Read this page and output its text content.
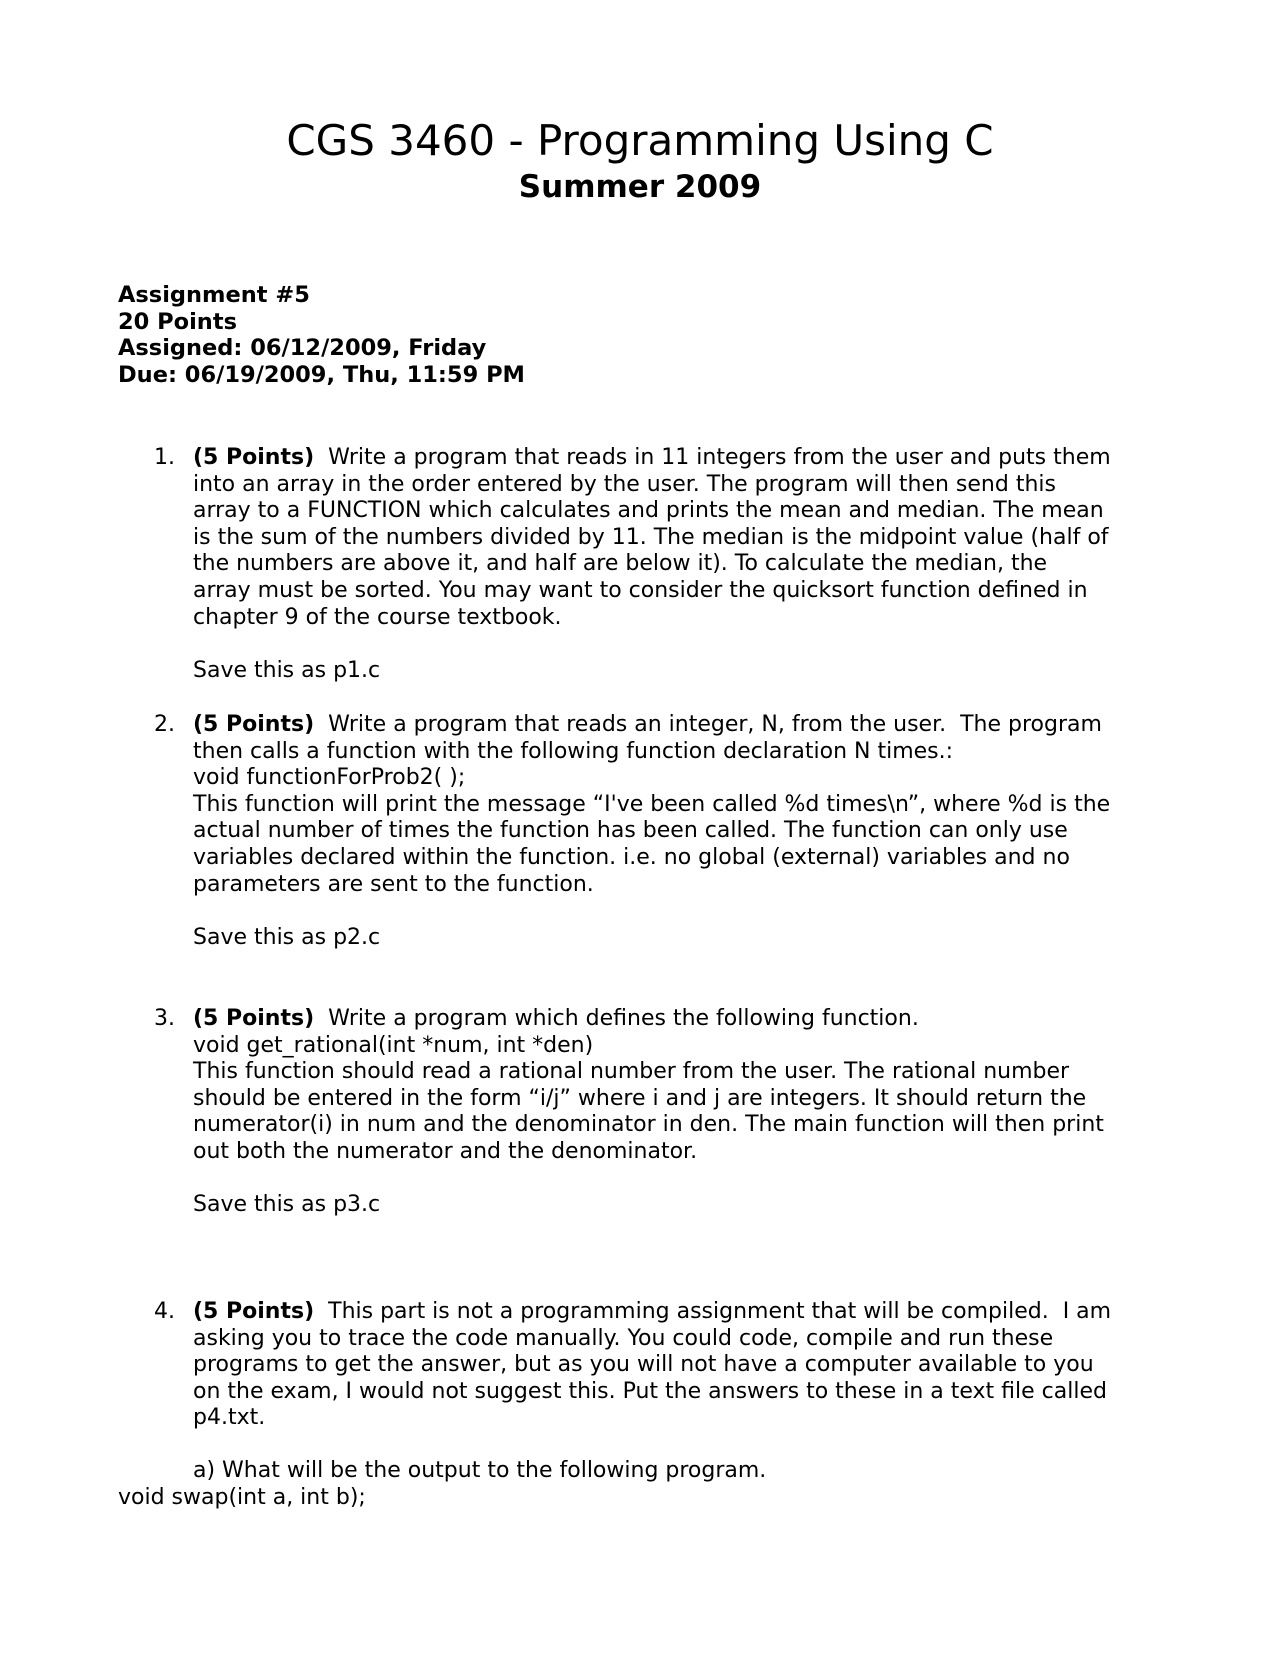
CGS 3460 - Programming Using C
Summer 2009
Assignment #5
20 Points
Assigned: 06/12/2009, Friday
Due: 06/19/2009, Thu, 11:59 PM
1. (5 Points)  Write a program that reads in 11 integers from the user and puts them
into an array in the order entered by the user. The program will then send this
array to a FUNCTION which calculates and prints the mean and median. The mean
is the sum of the numbers divided by 11. The median is the midpoint value (half of
the numbers are above it, and half are below it). To calculate the median, the
array must be sorted. You may want to consider the quicksort function defined in
chapter 9 of the course textbook.
Save this as p1.c
2. (5 Points)  Write a program that reads an integer, N, from the user.  The program
then calls a function with the following function declaration N times.:
void functionForProb2( );
This function will print the message “I've been called %d times\n”, where %d is the
actual number of times the function has been called. The function can only use
variables declared within the function. i.e. no global (external) variables and no
parameters are sent to the function.
Save this as p2.c
3. (5 Points)  Write a program which defines the following function.
void get_rational(int *num, int *den)
This function should read a rational number from the user. The rational number
should be entered in the form “i/j” where i and j are integers. It should return the
numerator(i) in num and the denominator in den. The main function will then print
out both the numerator and the denominator.
Save this as p3.c
4. (5 Points)  This part is not a programming assignment that will be compiled.  I am
asking you to trace the code manually. You could code, compile and run these
programs to get the answer, but as you will not have a computer available to you
on the exam, I would not suggest this. Put the answers to these in a text file called
p4.txt.
a) What will be the output to the following program.
void swap(int a, int b);
